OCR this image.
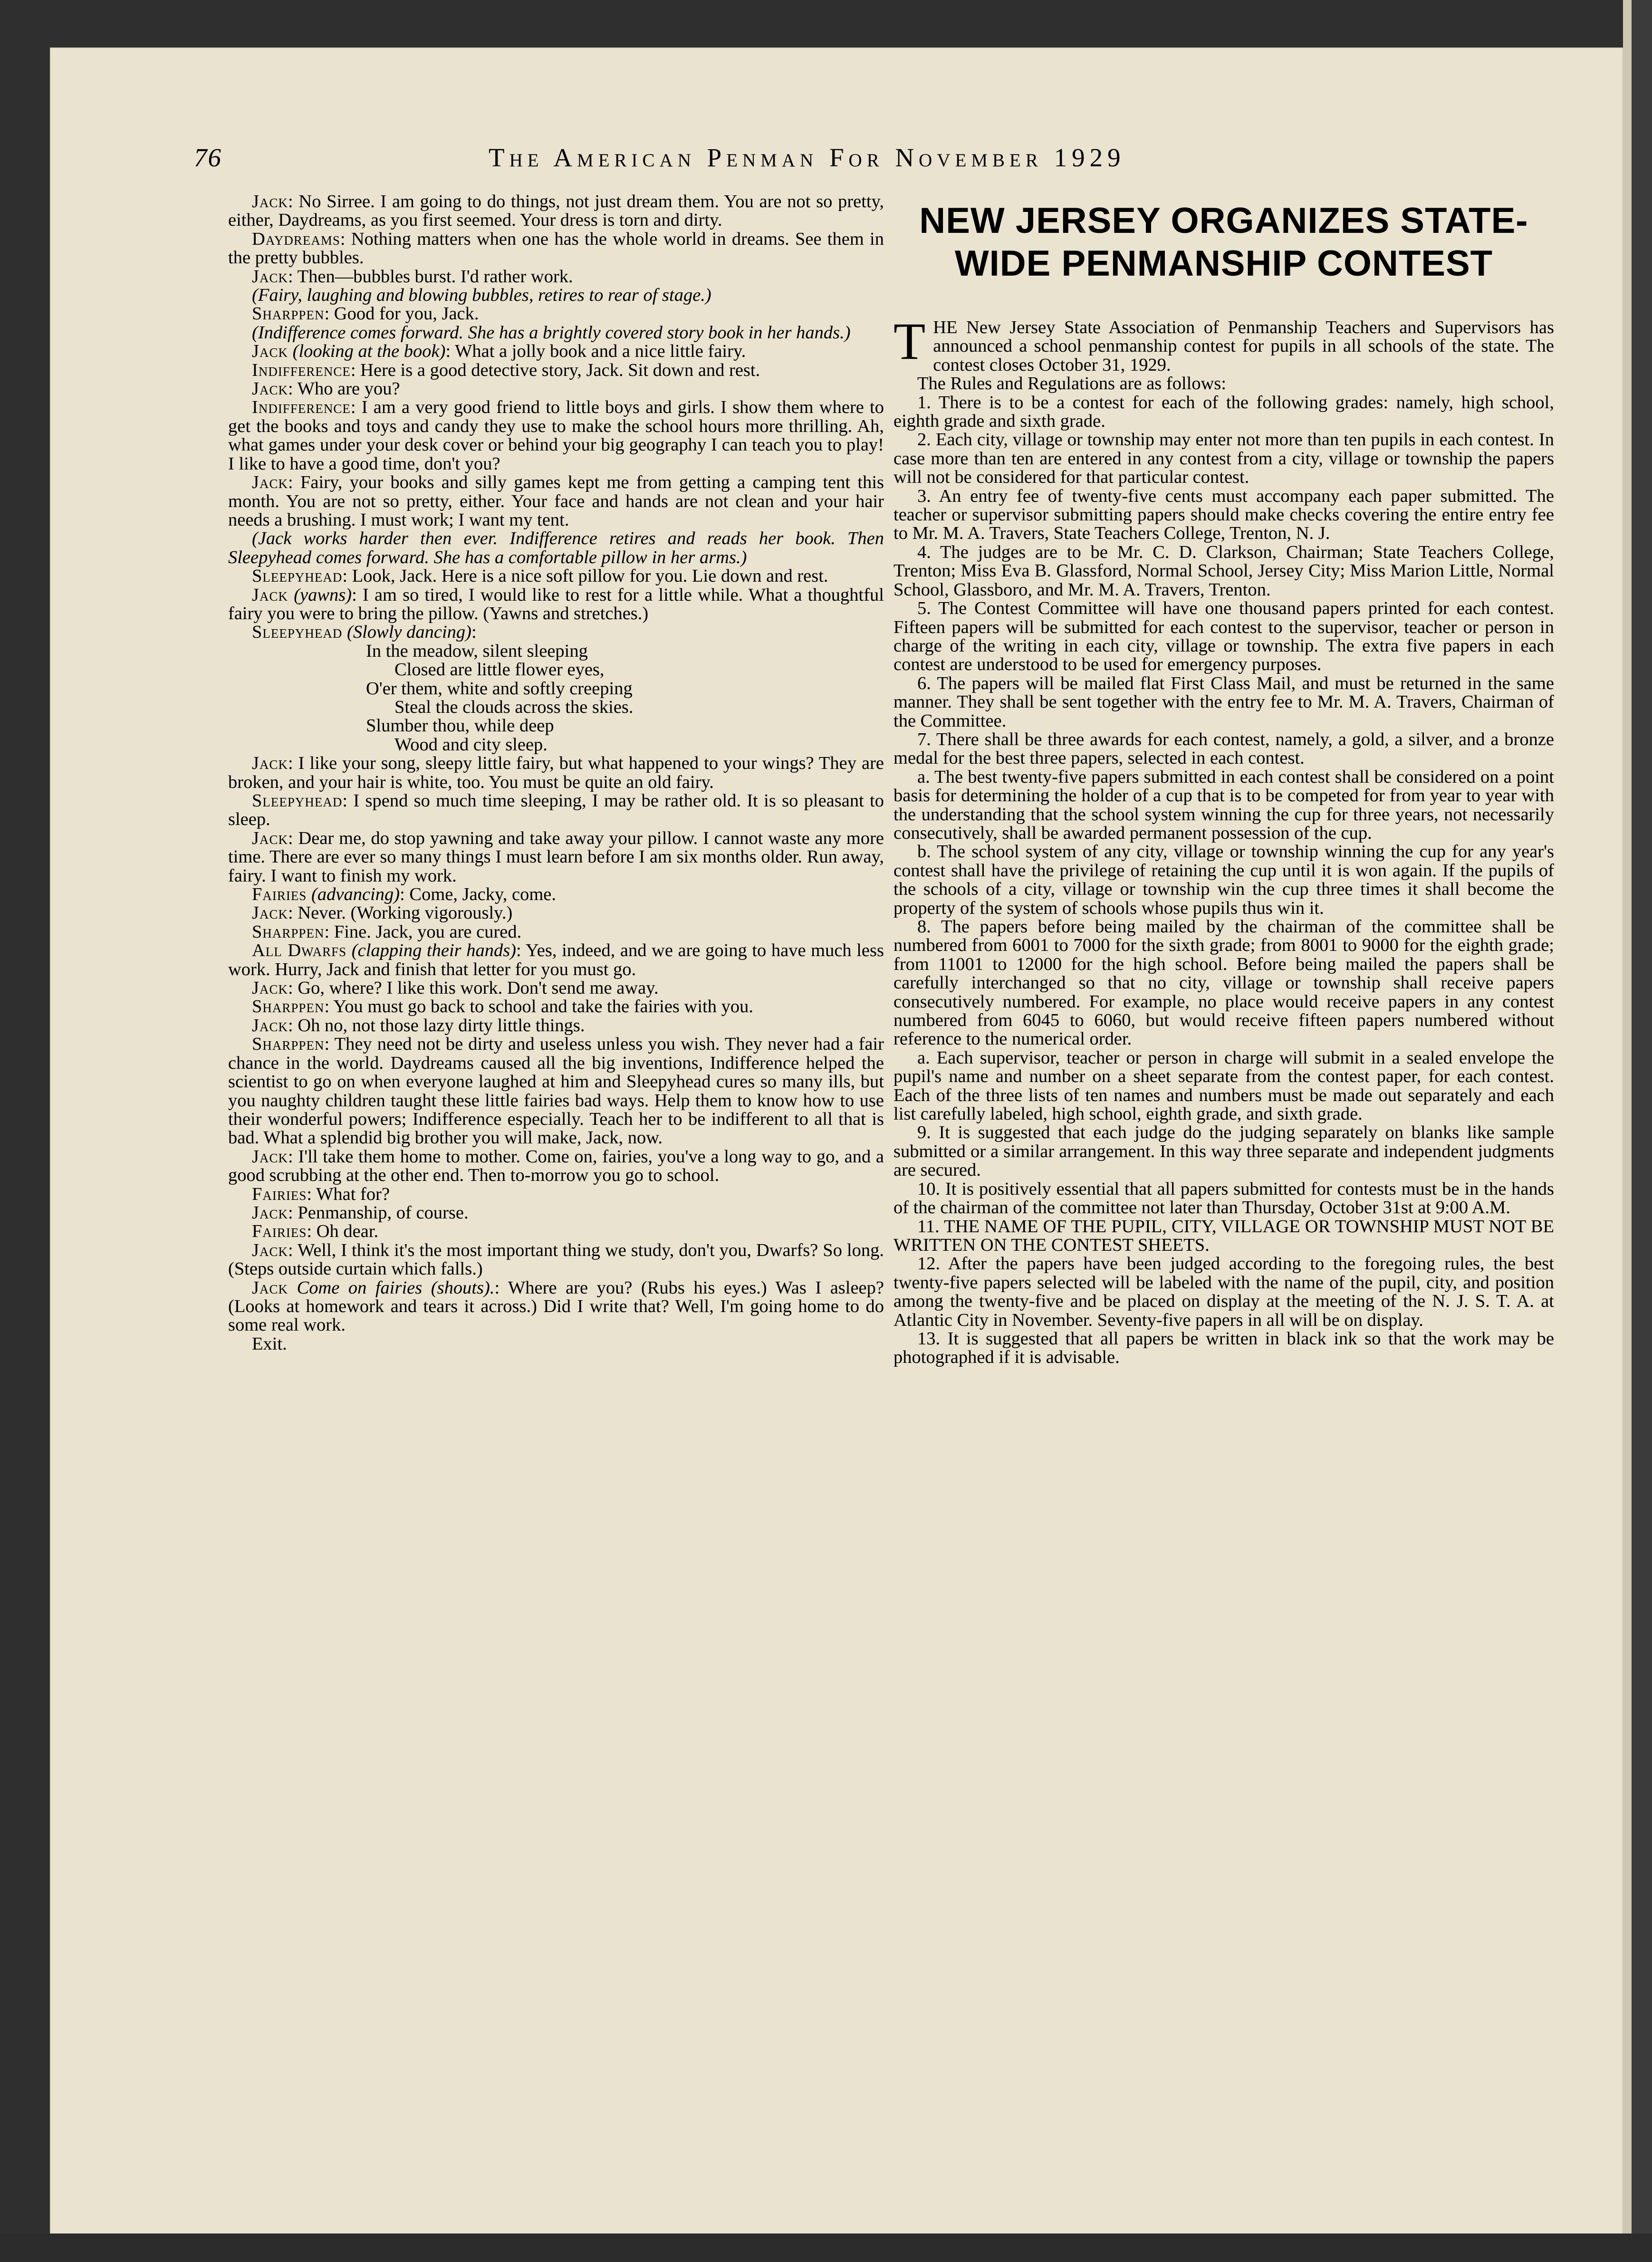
76	The American Penman For November 1929

Jack: No Sirree. I am going to do things, not just dream them. You are not so pretty, either, Daydreams, as you first seemed. Your dress is torn and dirty.

Daydreams: Nothing matters when one has the whole world in dreams. See them in the pretty bubbles.

Jack: Then—bubbles burst. I'd rather work.

(Fairy, laughing and blowing bubbles, retires to rear of stage.)

Sharppen: Good for you, Jack.

(Indifference comes forward. She has a brightly covered story book in her hands.)

Jack (looking at the book): What a jolly book and a nice little fairy.

Indifference: Here is a good detective story, Jack. Sit down and rest.

Jack: Who are you?

Indifference: I am a very good friend to little boys and girls. I show them where to get the books and toys and candy they use to make the school hours more thrilling. Ah, what games under your desk cover or behind your big geography I can teach you to play! I like to have a good time, don't you?

Jack: Fairy, your books and silly games kept me from getting a camping tent this month. You are not so pretty, either. Your face and hands are not clean and your hair needs a brushing. I must work; I want my tent.

(Jack works harder then ever. Indifference retires and reads her book. Then Sleepyhead comes forward. She has a comfortable pillow in her arms.)

Sleepyhead: Look, Jack. Here is a nice soft pillow for you. Lie down and rest.

Jack (yawns): I am so tired, I would like to rest for a little while. What a thoughtful fairy you were to bring the pillow. (Yawns and stretches.)

Sleepyhead (Slowly dancing):

In the meadow, silent sleeping

Closed are little flower eyes,

O'er them, white and softly creeping

Steal the clouds across the skies.

Slumber thou, while deep

Wood and city sleep.

Jack: I like your song, sleepy little fairy, but what happened to your wings? They are broken, and your hair is white, too. You must be quite an old fairy.

Sleepyhead: I spend so much time sleeping, I may be rather old. It is so pleasant to sleep.

Jack: Dear me, do stop yawning and take away your pillow. I cannot waste any more time. There are ever so many things I must learn before I am six months older. Run away, fairy. I want to finish my work.

Fairies (advancing): Come, Jacky, come.

Jack: Never. (Working vigorously.)

Sharppen: Fine. Jack, you are cured.

All Dwarfs (clapping their hands): Yes, indeed, and we are going to have much less work. Hurry, Jack and finish that letter for you must go.

Jack: Go, where? I like this work. Don't send me away.

Sharppen: You must go back to school and take the fairies with you.

Jack: Oh no, not those lazy dirty little things.

Sharppen: They need not be dirty and useless unless you wish. They never had a fair chance in the world. Daydreams caused all the big inventions, Indifference helped the scientist to go on when everyone laughed at him and Sleepyhead cures so many ills, but you naughty children taught these little fairies bad ways. Help them to know how to use their wonderful powers; Indifference especially. Teach her to be indifferent to all that is bad. What a splendid big brother you will make, Jack, now.

Jack: I'll take them home to mother. Come on, fairies, you've a long way to go, and a good scrubbing at the other end. Then to-morrow you go to school.

Fairies: What for?

Jack: Penmanship, of course.

Fairies: Oh dear.

Jack: Well, I think it's the most important thing we study, don't you, Dwarfs? So long. (Steps outside curtain which falls.)

Jack Come on fairies (shouts).: Where are you? (Rubs his eyes.) Was I asleep? (Looks at homework and tears it across.) Did I write that? Well, I'm going home to do some real work.

Exit.

NEW JERSEY ORGANIZES STATE-
WIDE PENMANSHIP CONTEST

THE New Jersey State Association of Penmanship Teachers and Supervisors has announced a school penmanship contest for pupils in all schools of the state. The contest closes October 31, 1929.

The Rules and Regulations are as follows:

1. There is to be a contest for each of the following grades: namely, high school, eighth grade and sixth grade.

2. Each city, village or township may enter not more than ten pupils in each contest. In case more than ten are entered in any contest from a city, village or township the papers will not be considered for that particular contest.

3. An entry fee of twenty-five cents must accompany each paper submitted. The teacher or supervisor submitting papers should make checks covering the entire entry fee to Mr. M. A. Travers, State Teachers College, Trenton, N. J.

4. The judges are to be Mr. C. D. Clarkson, Chairman; State Teachers College, Trenton; Miss Eva B. Glassford, Normal School, Jersey City; Miss Marion Little, Normal School, Glassboro, and Mr. M. A. Travers, Trenton.

5. The Contest Committee will have one thousand papers printed for each contest. Fifteen papers will be submitted for each contest to the supervisor, teacher or person in charge of the writing in each city, village or township. The extra five papers in each contest are understood to be used for emergency purposes.

6. The papers will be mailed flat First Class Mail, and must be returned in the same manner. They shall be sent together with the entry fee to Mr. M. A. Travers, Chairman of the Committee.

7. There shall be three awards for each contest, namely, a gold, a silver, and a bronze medal for the best three papers, selected in each contest.

a. The best twenty-five papers submitted in each contest shall be considered on a point basis for determining the holder of a cup that is to be competed for from year to year with the understanding that the school system winning the cup for three years, not necessarily consecutively, shall be awarded permanent possession of the cup.

b. The school system of any city, village or township winning the cup for any year's contest shall have the privilege of retaining the cup until it is won again. If the pupils of the schools of a city, village or township win the cup three times it shall become the property of the system of schools whose pupils thus win it.

8. The papers before being mailed by the chairman of the committee shall be numbered from 6001 to 7000 for the sixth grade; from 8001 to 9000 for the eighth grade; from 11001 to 12000 for the high school. Before being mailed the papers shall be carefully interchanged so that no city, village or township shall receive papers consecutively numbered. For example, no place would receive papers in any contest numbered from 6045 to 6060, but would receive fifteen papers numbered without reference to the numerical order.

a. Each supervisor, teacher or person in charge will submit in a sealed envelope the pupil's name and number on a sheet separate from the contest paper, for each contest. Each of the three lists of ten names and numbers must be made out separately and each list carefully labeled, high school, eighth grade, and sixth grade.

9. It is suggested that each judge do the judging separately on blanks like sample submitted or a similar arrangement. In this way three separate and independent judgments are secured.

10. It is positively essential that all papers submitted for contests must be in the hands of the chairman of the committee not later than Thursday, October 31st at 9:00 A.M.

11. THE NAME OF THE PUPIL, CITY, VILLAGE OR TOWNSHIP MUST NOT BE WRITTEN ON THE CONTEST SHEETS.

12. After the papers have been judged according to the foregoing rules, the best twenty-five papers selected will be labeled with the name of the pupil, city, and position among the twenty-five and be placed on display at the meeting of the N. J. S. T. A. at Atlantic City in November. Seventy-five papers in all will be on display.

13. It is suggested that all papers be written in black ink so that the work may be photographed if it is advisable.
